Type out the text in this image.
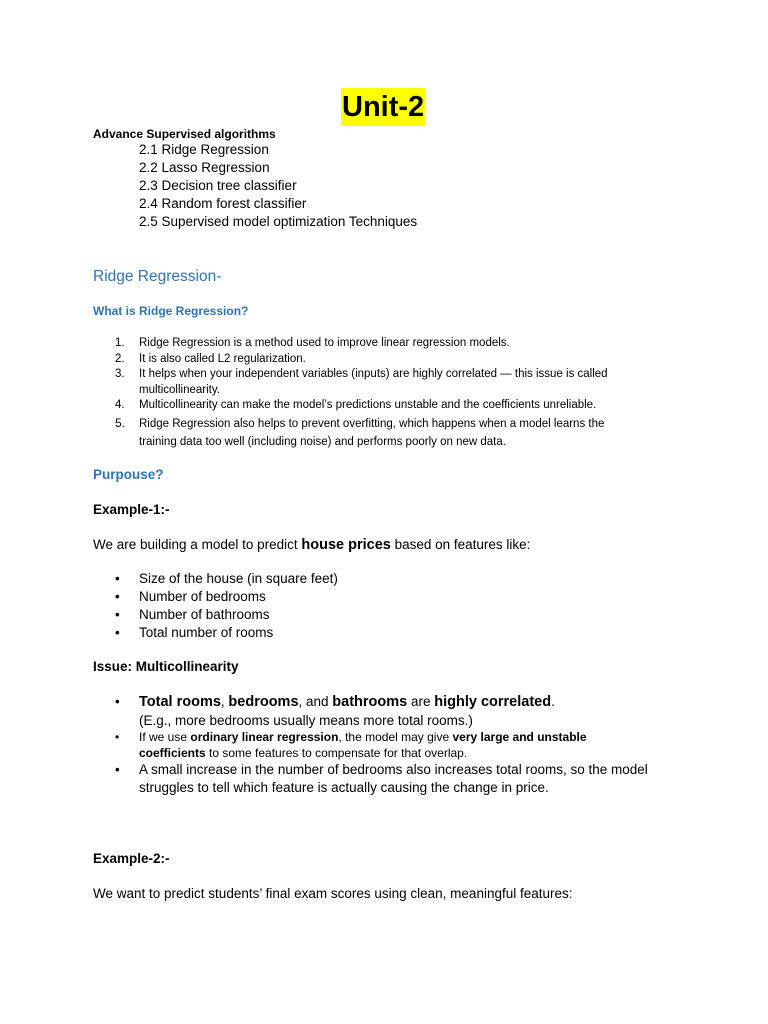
Unit-2
Advance Supervised algorithms
2.1 Ridge Regression
2.2 Lasso Regression
2.3 Decision tree classifier
2.4 Random forest classifier
2.5 Supervised model optimization Techniques
Ridge Regression-
What is Ridge Regression?
1. Ridge Regression is a method used to improve linear regression models.
2. It is also called L2 regularization.
3. It helps when your independent variables (inputs) are highly correlated — this issue is called
multicollinearity.
4. Multicollinearity can make the model’s predictions unstable and the coefficients unreliable.
5. Ridge Regression also helps to prevent overfitting, which happens when a model learns the
training data too well (including noise) and performs poorly on new data.
Purpouse?
Example-1:-
We are building a model to predict house prices based on features like:
• Size of the house (in square feet)
• Number of bedrooms
• Number of bathrooms
• Total number of rooms
Issue: Multicollinearity
• Total rooms, bedrooms, and bathrooms are highly correlated.
(E.g., more bedrooms usually means more total rooms.)
• If we use ordinary linear regression, the model may give very large and unstable
coefficients to some features to compensate for that overlap.
• A small increase in the number of bedrooms also increases total rooms, so the model
struggles to tell which feature is actually causing the change in price.
Example-2:-
We want to predict students’ final exam scores using clean, meaningful features:
